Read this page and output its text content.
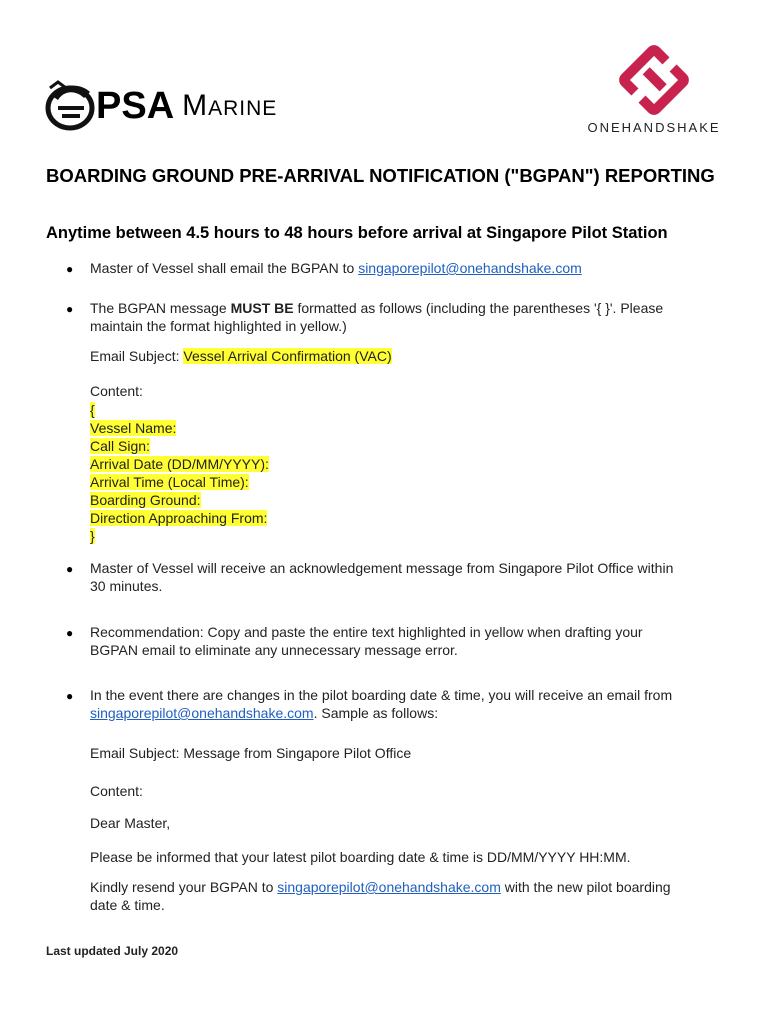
PSA Marine
ONEHANDSHAKE
BOARDING GROUND PRE-ARRIVAL NOTIFICATION ("BGPAN") REPORTING
Anytime between 4.5 hours to 48 hours before arrival at Singapore Pilot Station
● Master of Vessel shall email the BGPAN to singaporepilot@onehandshake.com
● The BGPAN message MUST BE formatted as follows (including the parentheses '{ }'. Please
maintain the format highlighted in yellow.)
Email Subject: Vessel Arrival Confirmation (VAC)
Content:
{
Vessel Name:
Call Sign:
Arrival Date (DD/MM/YYYY):
Arrival Time (Local Time):
Boarding Ground:
Direction Approaching From:
}
● Master of Vessel will receive an acknowledgement message from Singapore Pilot Office within
30 minutes.
● Recommendation: Copy and paste the entire text highlighted in yellow when drafting your
BGPAN email to eliminate any unnecessary message error.
● In the event there are changes in the pilot boarding date & time, you will receive an email from
singaporepilot@onehandshake.com. Sample as follows:
Email Subject: Message from Singapore Pilot Office
Content:
Dear Master,
Please be informed that your latest pilot boarding date & time is DD/MM/YYYY HH:MM.
Kindly resend your BGPAN to singaporepilot@onehandshake.com with the new pilot boarding
date & time.
Last updated July 2020
